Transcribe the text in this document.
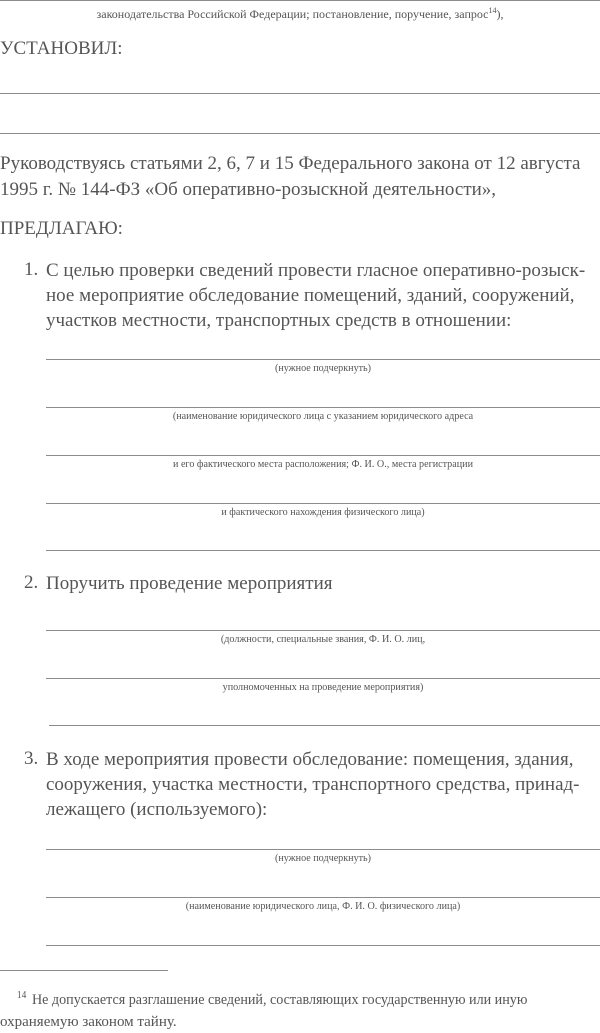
законодательства Российской Федерации; постановление, поручение, запрос$^{14}$),
УСТАНОВИЛ:
Руководствуясь статьями 2, 6, 7 и 15 Федерального закона от 12 августа
1995 г. № 144-ФЗ «Об оперативно-розыскной деятельности»,
ПРЕДЛАГАЮ:
1. С целью проверки сведений провести гласное оперативно-розыск-
ное мероприятие обследование помещений, зданий, сооружений,
участков местности, транспортных средств в отношении:
(нужное подчеркнуть)
(наименование юридического лица с указанием юридического адреса
и его фактического места расположения; Ф. И. О., места регистрации
и фактического нахождения физического лица)
2. Поручить проведение мероприятия
(должности, специальные звания, Ф. И. О. лиц,
уполномоченных на проведение мероприятия)
3. В ходе мероприятия провести обследование: помещения, здания,
сооружения, участка местности, транспортного средства, принад-
лежащего (используемого):
(нужное подчеркнуть)
(наименование юридического лица, Ф. И. О. физического лица)
$^{14}$ Не допускается разглашение сведений, составляющих государственную или иную
охраняемую законом тайну.
